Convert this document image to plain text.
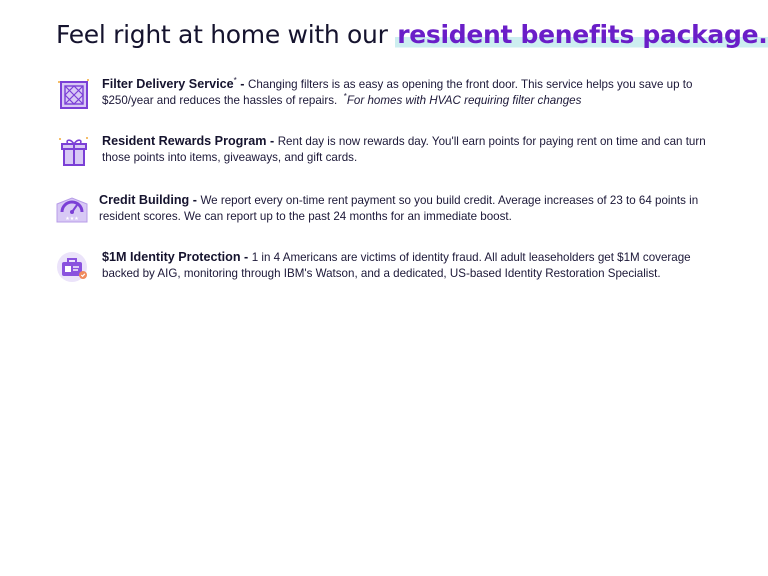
Feel right at home with our resident benefits package.
Filter Delivery Service* - Changing filters is as easy as opening the front door. This service helps you save up to $250/year and reduces the hassles of repairs. *For homes with HVAC requiring filter changes
Resident Rewards Program - Rent day is now rewards day. You'll earn points for paying rent on time and can turn those points into items, giveaways, and gift cards.
★★★
Credit Building - We report every on-time rent payment so you build credit. Average increases of 23 to 64 points in resident scores. We can report up to the past 24 months for an immediate boost.
$1M Identity Protection - 1 in 4 Americans are victims of identity fraud. All adult leaseholders get $1M coverage backed by AIG, monitoring through IBM's Watson, and a dedicated, US-based Identity Restoration Specialist.
